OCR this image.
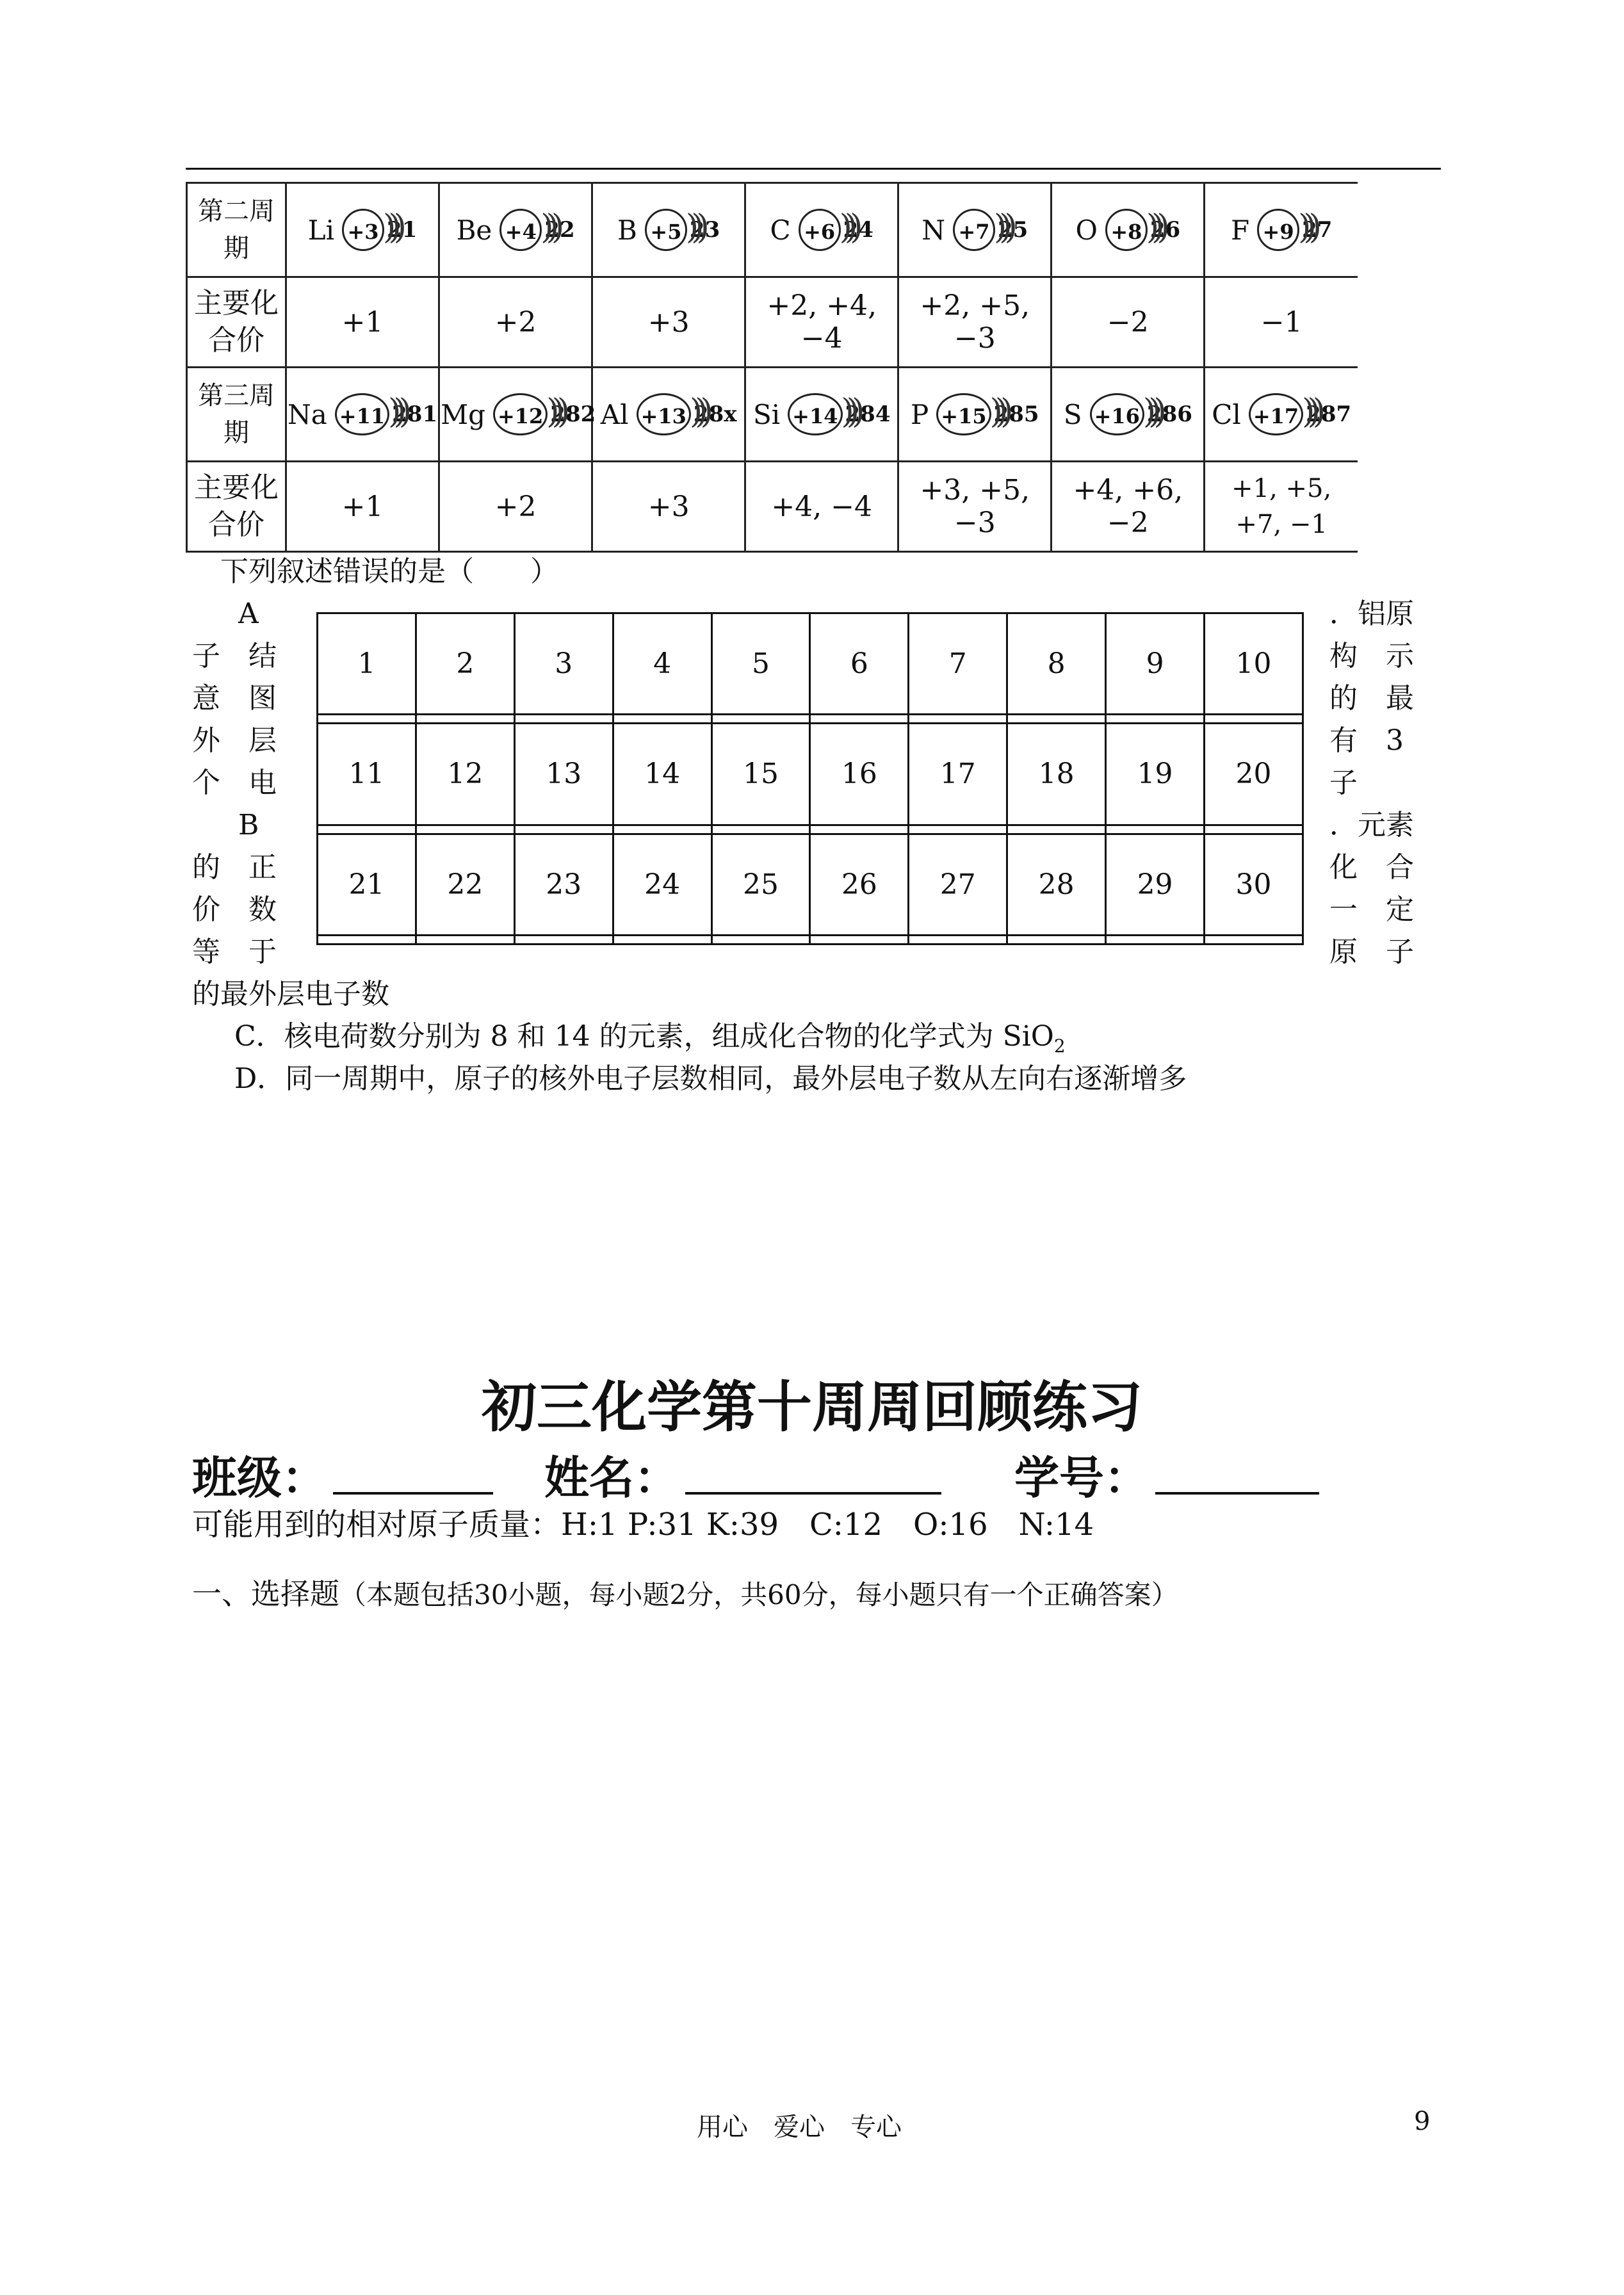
第二周期	Li +3 21 )))	Be +4 22 )))	B +5 23 )))	C +6 24 )))	N +7 25 )))	O +8 26 )))	F +9 27 )))

主要化合价	+1	+2	+3	+2, +4, −4	+2, +5, −3	−2	−1

第三周期	Na +11 281 )))	Mg +12 282 )))	Al +13 28x )))	Si +14 284 )))	P +15 285 )))	S +16 286 )))	Cl +17 287 )))

主要化合价	+1	+2	+3	+4, −4	+3, +5, −3	+4, +6, −2	+1, +5, +7, −1
下列叙述错误的是（　　）
A
子　结
意　图
外　层
个　电
．铝原
构　示
的　最
有　3
子
B
的　正
价　数
等　于
．元素
化　合
一　定
原　子
1	2	3	4	5	6	7	8	9	10

11	12	13	14	15	16	17	18	19	20

21	22	23	24	25	26	27	28	29	30

的最外层电子数
C．核电荷数分别为 8 和 14 的元素，组成化合物的化学式为 SiO$_2$
D．同一周期中，原子的核外电子层数相同，最外层电子数从左向右逐渐增多
初三化学第十周周回顾练习
班级：	姓名：	学号：
可能用到的相对原子质量：H:1 P:31 K:39　C:12　O:16　N:14
一、选择题（本题包括30小题，每小题2分，共60分，每小题只有一个正确答案）
用心　爱心　专心	9
